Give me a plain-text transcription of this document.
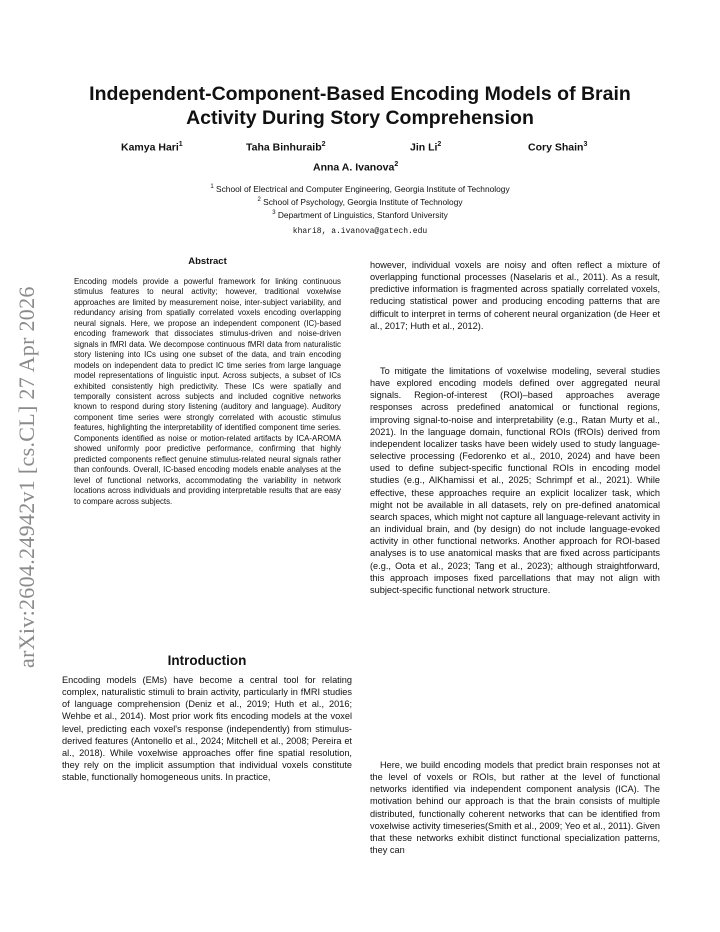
arXiv:2604.24942v1 [cs.CL] 27 Apr 2026
Independent-Component-Based Encoding Models of Brain Activity During Story Comprehension
Kamya Hari$^1$	Taha Binhuraib$^2$	Jin Li$^2$	Cory Shain$^3$
Anna A. Ivanova$^2$
$^1$ School of Electrical and Computer Engineering, Georgia Institute of Technology
$^2$ School of Psychology, Georgia Institute of Technology
$^3$ Department of Linguistics, Stanford University
khari8, a.ivanova@gatech.edu
Abstract
Encoding models provide a powerful framework for linking continuous stimulus features to neural activity; however, traditional voxelwise approaches are limited by measurement noise, inter-subject variability, and redundancy arising from spatially correlated voxels encoding overlapping neural signals. Here, we propose an independent component (IC)-based encoding framework that dissociates stimulus-driven and noise-driven signals in fMRI data. We decompose continuous fMRI data from naturalistic story listening into ICs using one subset of the data, and train encoding models on independent data to predict IC time series from large language model representations of linguistic input. Across subjects, a subset of ICs exhibited consistently high predictivity. These ICs were spatially and temporally consistent across subjects and included cognitive networks known to respond during story listening (auditory and language). Auditory component time series were strongly correlated with acoustic stimulus features, highlighting the interpretability of identified component time series. Components identified as noise or motion-related artifacts by ICA-AROMA showed uniformly poor predictive performance, confirming that highly predicted components reflect genuine stimulus-related neural signals rather than confounds. Overall, IC-based encoding models enable analyses at the level of functional networks, accommodating the variability in network locations across individuals and providing interpretable results that are easy to compare across subjects.
Introduction

Encoding models (EMs) have become a central tool for relating complex, naturalistic stimuli to brain activity, particularly in fMRI studies of language comprehension (Deniz et al., 2019; Huth et al., 2016; Wehbe et al., 2014). Most prior work fits encoding models at the voxel level, predicting each voxel's response (independently) from stimulus-derived features (Antonello et al., 2024; Mitchell et al., 2008; Pereira et al., 2018). While voxelwise approaches offer fine spatial resolution, they rely on the implicit assumption that individual voxels constitute stable, functionally homogeneous units. In practice,

however, individual voxels are noisy and often reflect a mixture of overlapping functional processes (Naselaris et al., 2011). As a result, predictive information is fragmented across spatially correlated voxels, reducing statistical power and producing encoding patterns that are difficult to interpret in terms of coherent neural organization (de Heer et al., 2017; Huth et al., 2012).

To mitigate the limitations of voxelwise modeling, several studies have explored encoding models defined over aggregated neural signals. Region-of-interest (ROI)–based approaches average responses across predefined anatomical or functional regions, improving signal-to-noise and interpretability (e.g., Ratan Murty et al., 2021). In the language domain, functional ROIs (fROIs) derived from independent localizer tasks have been widely used to study language-selective processing (Fedorenko et al., 2010, 2024) and have been used to define subject-specific functional ROIs in encoding model studies (e.g., AlKhamissi et al., 2025; Schrimpf et al., 2021). While effective, these approaches require an explicit localizer task, which might not be available in all datasets, rely on pre-defined anatomical search spaces, which might not capture all language-relevant activity in an individual brain, and (by design) do not include language-evoked activity in other functional networks. Another approach for ROI-based analyses is to use anatomical masks that are fixed across participants (e.g., Oota et al., 2023; Tang et al., 2023); although straightforward, this approach imposes fixed parcellations that may not align with subject-specific functional network structure.

Here, we build encoding models that predict brain responses not at the level of voxels or ROIs, but rather at the level of functional networks identified via independent component analysis (ICA). The motivation behind our approach is that the brain consists of multiple distributed, functionally coherent networks that can be identified from voxelwise activity timeseries(Smith et al., 2009; Yeo et al., 2011). Given that these networks exhibit distinct functional specialization patterns, they can
